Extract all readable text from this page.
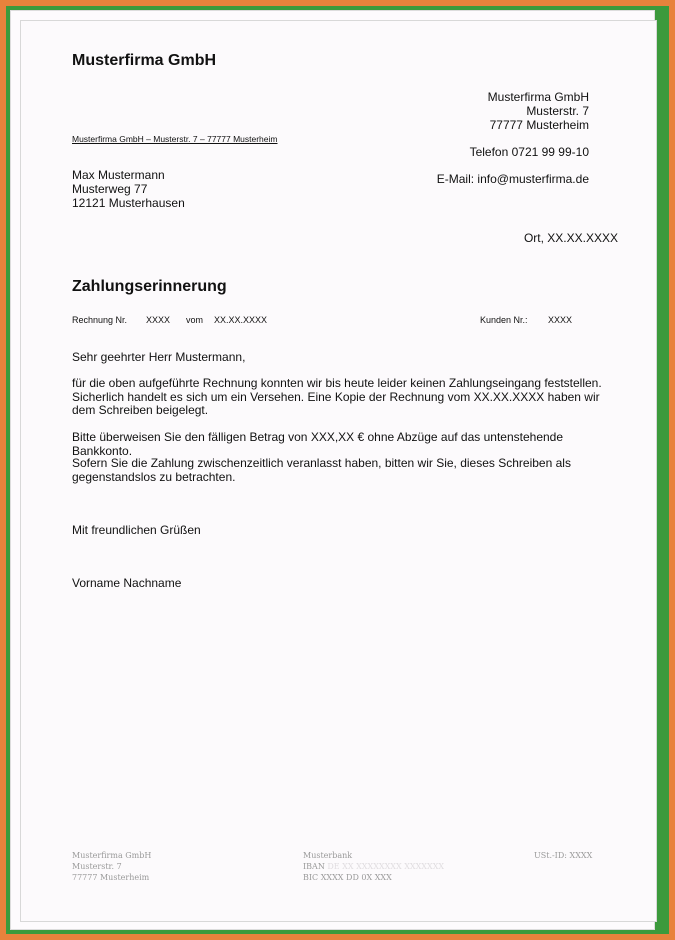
Musterfirma GmbH
Musterfirma GmbH
Musterstr. 7
77777 Musterheim
Musterfirma GmbH – Musterstr. 7 – 77777 Musterheim
Telefon 0721 99 99-10
Max Mustermann
Musterweg 77
12121 Musterhausen
E-Mail: info@musterfirma.de
Ort, XX.XX.XXXX
Zahlungserinnerung
Rechnung Nr. XXXX vom XX.XX.XXXX	Kunden Nr.: XXXX
Sehr geehrter Herr Mustermann,
für die oben aufgeführte Rechnung konnten wir bis heute leider keinen Zahlungseingang feststellen. Sicherlich handelt es sich um ein Versehen. Eine Kopie der Rechnung vom XX.XX.XXXX haben wir dem Schreiben beigelegt.
Bitte überweisen Sie den fälligen Betrag von XXX,XX € ohne Abzüge auf das untenstehende Bankkonto.
Sofern Sie die Zahlung zwischenzeitlich veranlasst haben, bitten wir Sie, dieses Schreiben als gegenstandslos zu betrachten.
Mit freundlichen Grüßen
Vorname Nachname
Musterfirma GmbH
Musterstr. 7
77777 Musterheim
Musterbank
IBAN DE XX XXXXXXXX XXXXXXX
BIC XXXX DD 0X XXX
USt.-ID: XXXX
